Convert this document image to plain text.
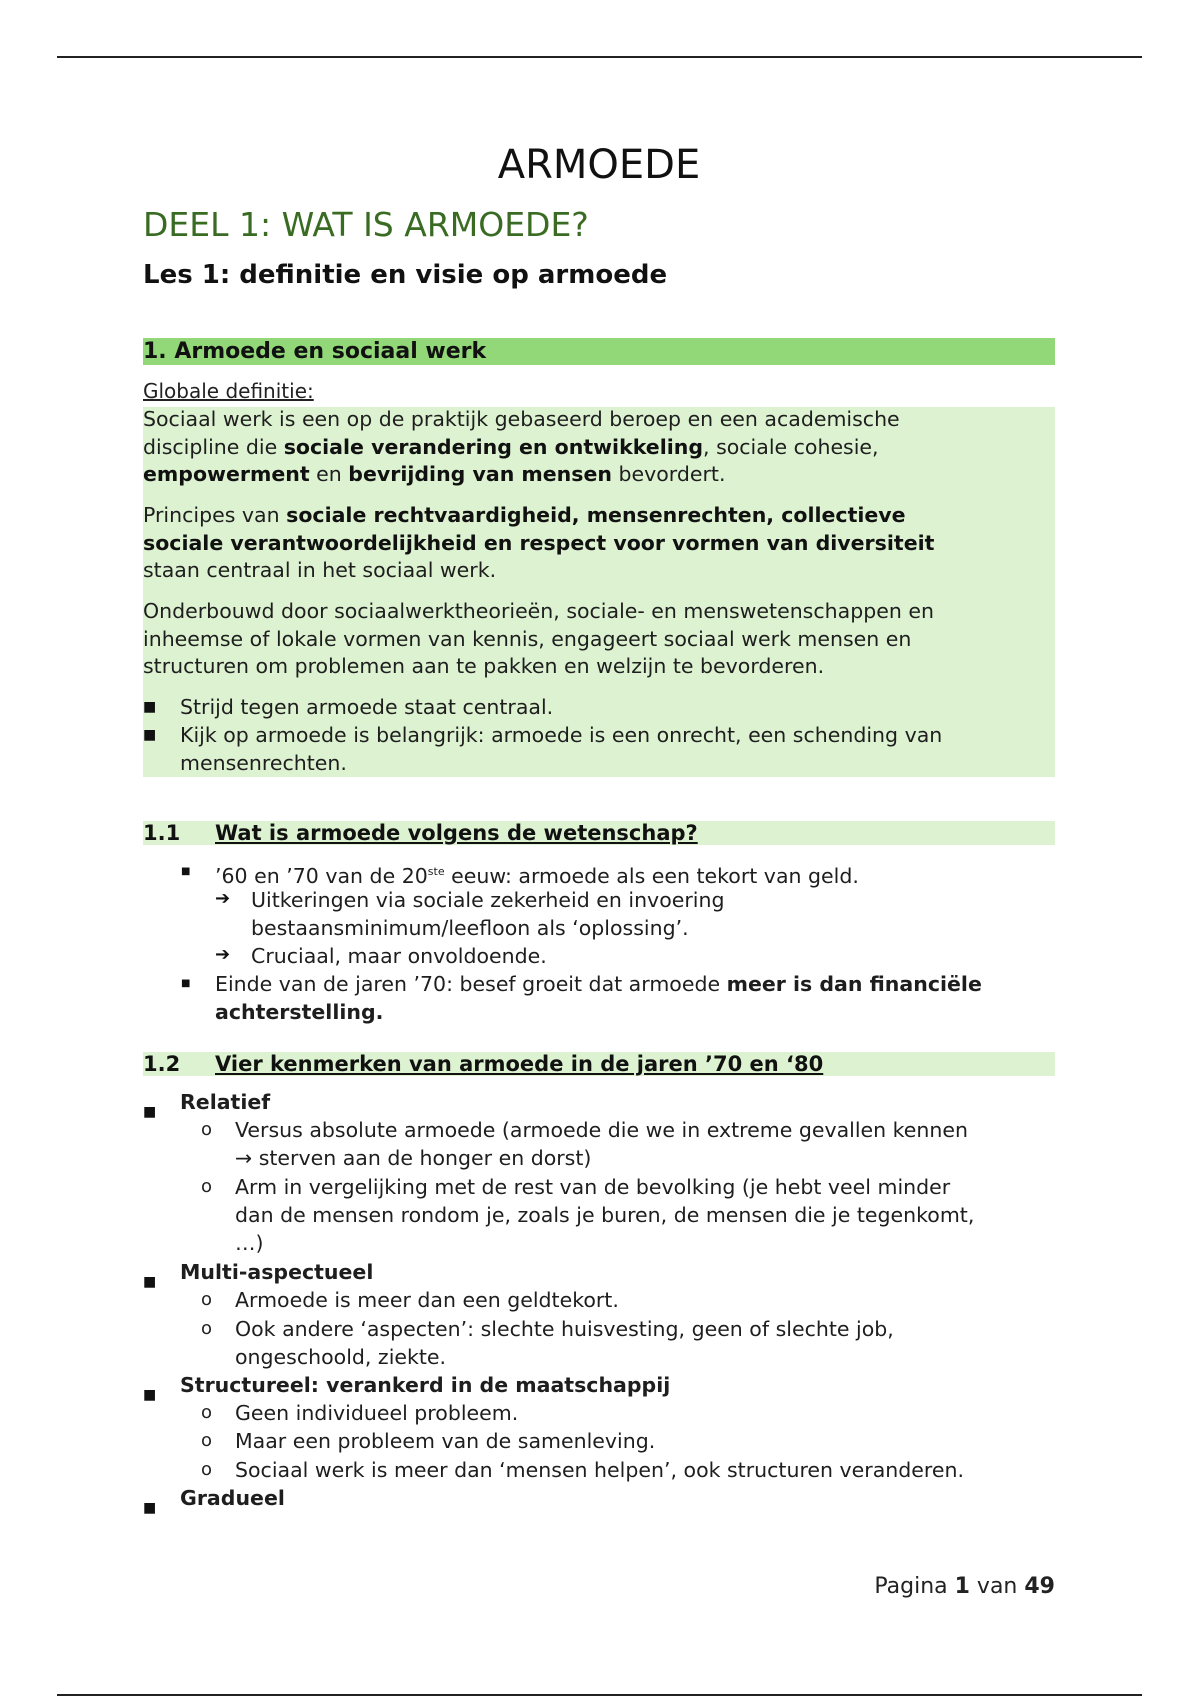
ARMOEDE
DEEL 1: WAT IS ARMOEDE?
Les 1: definitie en visie op armoede
1. Armoede en sociaal werk
Globale definitie:
Sociaal werk is een op de praktijk gebaseerd beroep en een academische
discipline die sociale verandering en ontwikkeling, sociale cohesie,
empowerment en bevrijding van mensen bevordert.
Principes van sociale rechtvaardigheid, mensenrechten, collectieve
sociale verantwoordelijkheid en respect voor vormen van diversiteit
staan centraal in het sociaal werk.
Onderbouwd door sociaalwerktheorieën, sociale- en menswetenschappen en
inheemse of lokale vormen van kennis, engageert sociaal werk mensen en
structuren om problemen aan te pakken en welzijn te bevorderen.
■ Strijd tegen armoede staat centraal.
■ Kijk op armoede is belangrijk: armoede is een onrecht, een schending van
mensenrechten.
1.1 Wat is armoede volgens de wetenschap?
■ ’60 en ’70 van de 20ste eeuw: armoede als een tekort van geld.
➔ Uitkeringen via sociale zekerheid en invoering
bestaansminimum/leefloon als ‘oplossing’.
➔ Cruciaal, maar onvoldoende.
■ Einde van de jaren ’70: besef groeit dat armoede meer is dan financiële
achterstelling.
1.2 Vier kenmerken van armoede in de jaren ’70 en ‘80
■ Relatief
o Versus absolute armoede (armoede die we in extreme gevallen kennen
→ sterven aan de honger en dorst)
o Arm in vergelijking met de rest van de bevolking (je hebt veel minder
dan de mensen rondom je, zoals je buren, de mensen die je tegenkomt,
…)
■ Multi-aspectueel
o Armoede is meer dan een geldtekort.
o Ook andere ‘aspecten’: slechte huisvesting, geen of slechte job,
ongeschoold, ziekte.
■ Structureel: verankerd in de maatschappij
o Geen individueel probleem.
o Maar een probleem van de samenleving.
o Sociaal werk is meer dan ‘mensen helpen’, ook structuren veranderen.
■ Gradueel
Pagina 1 van 49
